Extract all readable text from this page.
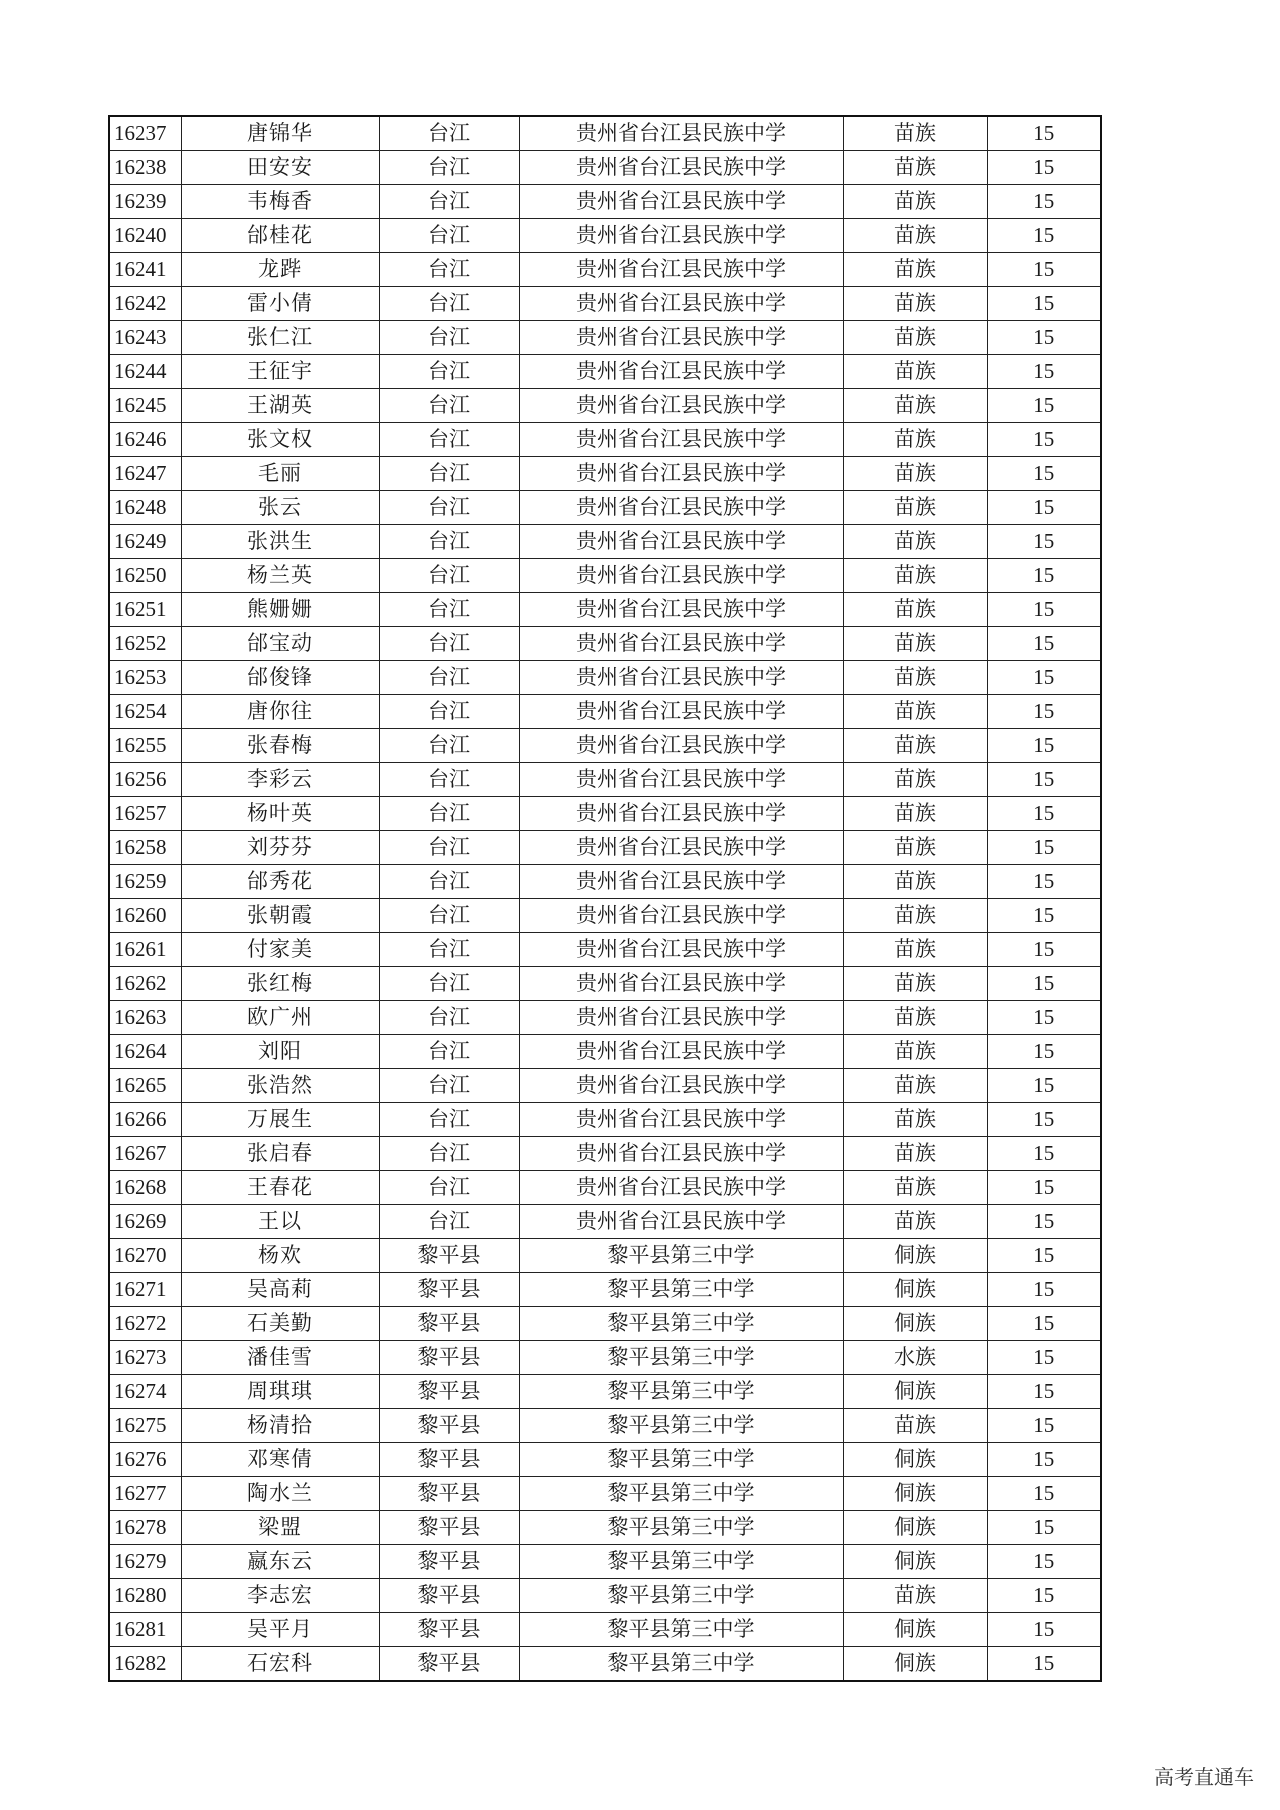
16237	唐锦华	台江	贵州省台江县民族中学	苗族	15
16238	田安安	台江	贵州省台江县民族中学	苗族	15
16239	韦梅香	台江	贵州省台江县民族中学	苗族	15
16240	邰桂花	台江	贵州省台江县民族中学	苗族	15
16241	龙跸	台江	贵州省台江县民族中学	苗族	15
16242	雷小倩	台江	贵州省台江县民族中学	苗族	15
16243	张仁江	台江	贵州省台江县民族中学	苗族	15
16244	王征宇	台江	贵州省台江县民族中学	苗族	15
16245	王湖英	台江	贵州省台江县民族中学	苗族	15
16246	张文权	台江	贵州省台江县民族中学	苗族	15
16247	毛丽	台江	贵州省台江县民族中学	苗族	15
16248	张云	台江	贵州省台江县民族中学	苗族	15
16249	张洪生	台江	贵州省台江县民族中学	苗族	15
16250	杨兰英	台江	贵州省台江县民族中学	苗族	15
16251	熊姗姗	台江	贵州省台江县民族中学	苗族	15
16252	邰宝动	台江	贵州省台江县民族中学	苗族	15
16253	邰俊锋	台江	贵州省台江县民族中学	苗族	15
16254	唐你往	台江	贵州省台江县民族中学	苗族	15
16255	张春梅	台江	贵州省台江县民族中学	苗族	15
16256	李彩云	台江	贵州省台江县民族中学	苗族	15
16257	杨叶英	台江	贵州省台江县民族中学	苗族	15
16258	刘芬芬	台江	贵州省台江县民族中学	苗族	15
16259	邰秀花	台江	贵州省台江县民族中学	苗族	15
16260	张朝霞	台江	贵州省台江县民族中学	苗族	15
16261	付家美	台江	贵州省台江县民族中学	苗族	15
16262	张红梅	台江	贵州省台江县民族中学	苗族	15
16263	欧广州	台江	贵州省台江县民族中学	苗族	15
16264	刘阳	台江	贵州省台江县民族中学	苗族	15
16265	张浩然	台江	贵州省台江县民族中学	苗族	15
16266	万展生	台江	贵州省台江县民族中学	苗族	15
16267	张启春	台江	贵州省台江县民族中学	苗族	15
16268	王春花	台江	贵州省台江县民族中学	苗族	15
16269	王以	台江	贵州省台江县民族中学	苗族	15
16270	杨欢	黎平县	黎平县第三中学	侗族	15
16271	吴高莉	黎平县	黎平县第三中学	侗族	15
16272	石美勤	黎平县	黎平县第三中学	侗族	15
16273	潘佳雪	黎平县	黎平县第三中学	水族	15
16274	周琪琪	黎平县	黎平县第三中学	侗族	15
16275	杨清拾	黎平县	黎平县第三中学	苗族	15
16276	邓寒倩	黎平县	黎平县第三中学	侗族	15
16277	陶水兰	黎平县	黎平县第三中学	侗族	15
16278	梁盟	黎平县	黎平县第三中学	侗族	15
16279	嬴东云	黎平县	黎平县第三中学	侗族	15
16280	李志宏	黎平县	黎平县第三中学	苗族	15
16281	吴平月	黎平县	黎平县第三中学	侗族	15
16282	石宏科	黎平县	黎平县第三中学	侗族	15
高考直通车
